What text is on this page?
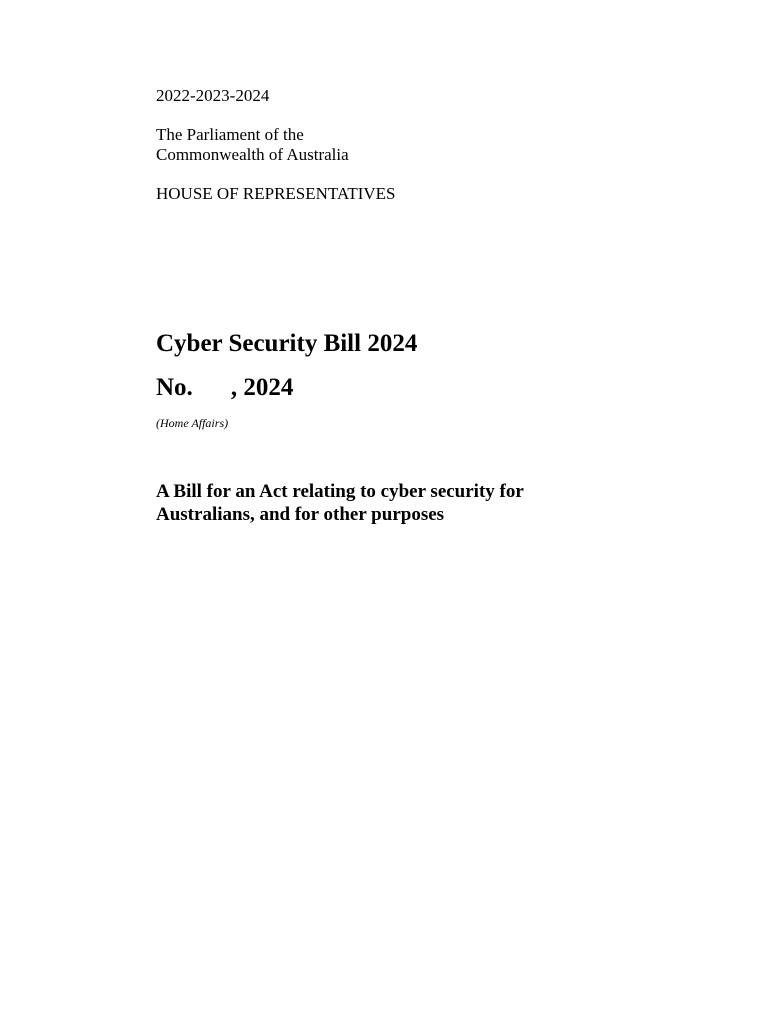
2022-2023-2024
The Parliament of the
Commonwealth of Australia
HOUSE OF REPRESENTATIVES
Cyber Security Bill 2024
No. , 2024
(Home Affairs)
A Bill for an Act relating to cyber security for
Australians, and for other purposes
